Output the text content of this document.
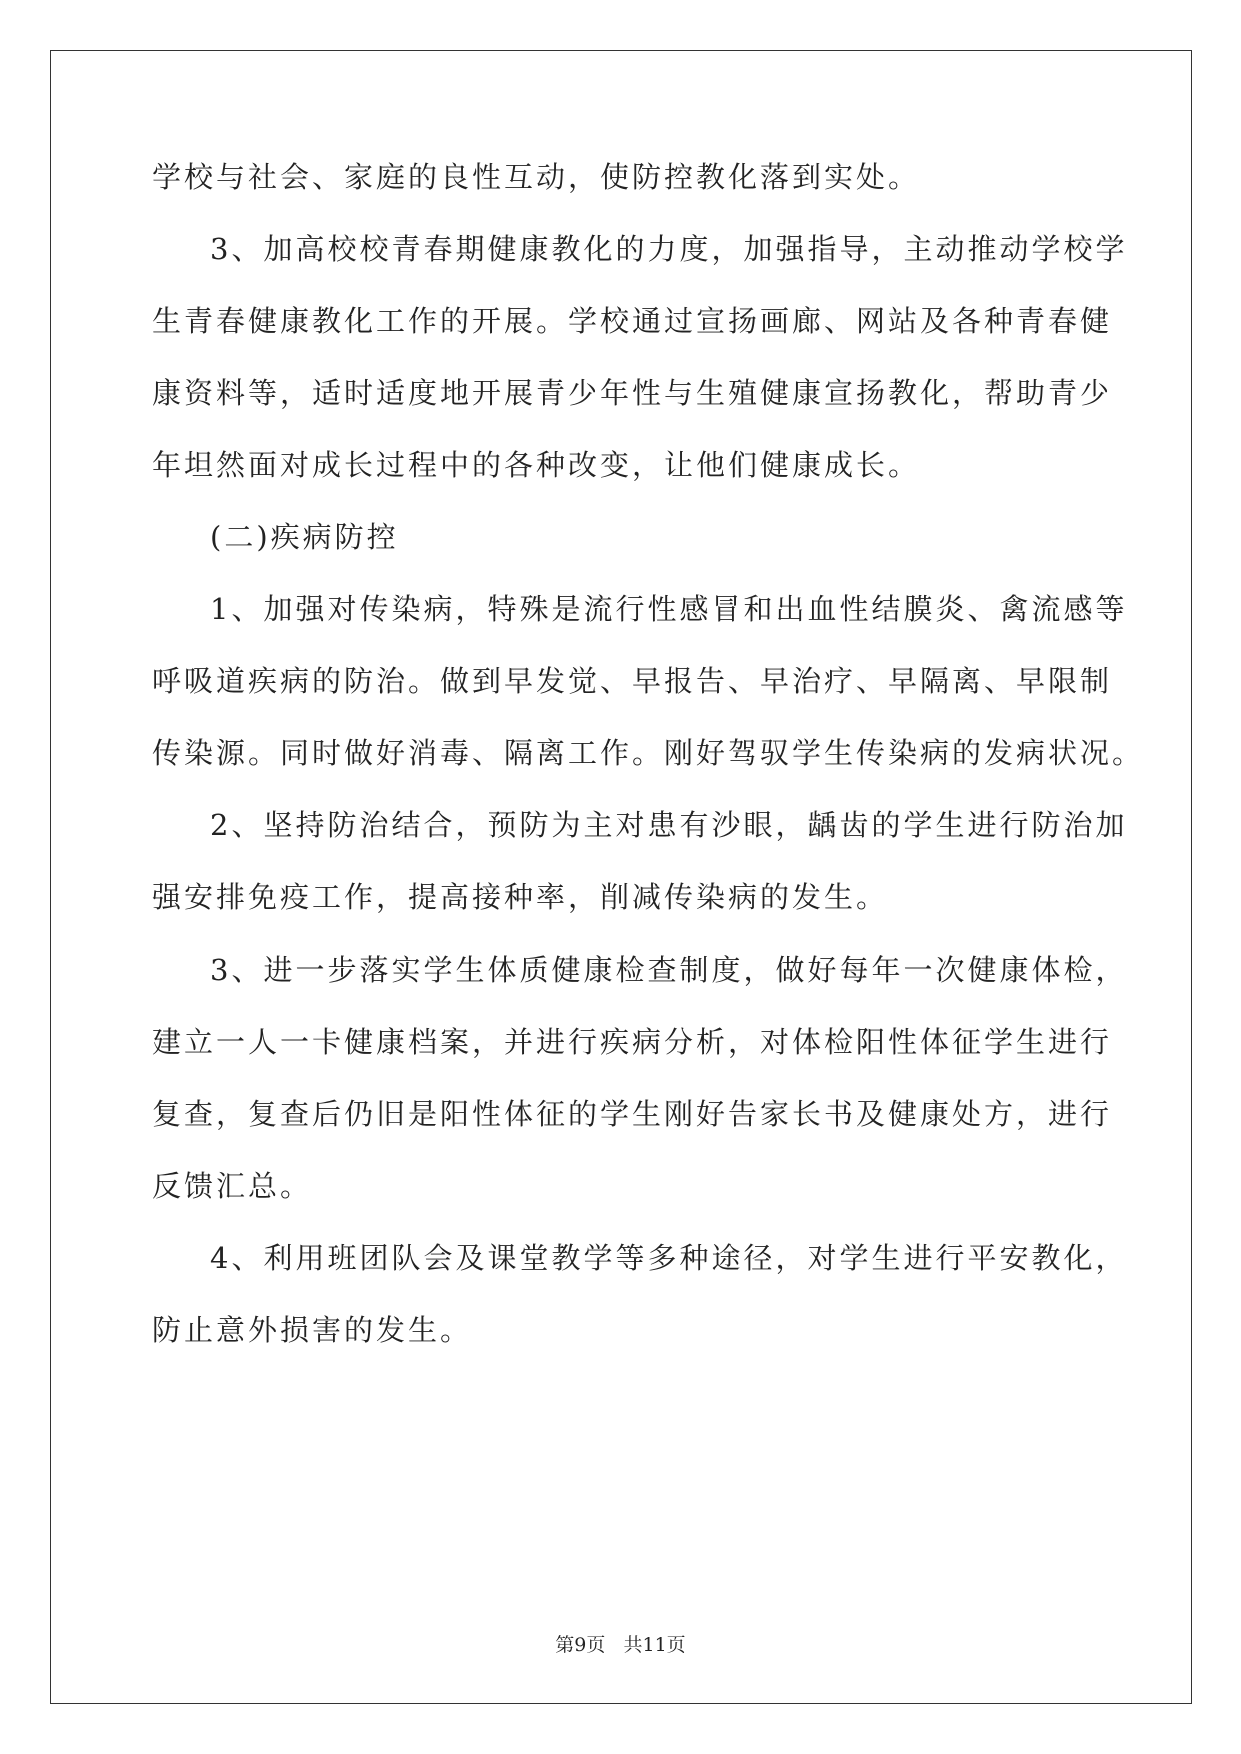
学校与社会、家庭的良性互动，使防控教化落到实处。
3、加高校校青春期健康教化的力度，加强指导，主动推动学校学
生青春健康教化工作的开展。学校通过宣扬画廊、网站及各种青春健
康资料等，适时适度地开展青少年性与生殖健康宣扬教化，帮助青少
年坦然面对成长过程中的各种改变，让他们健康成长。
(二)疾病防控
1、加强对传染病，特殊是流行性感冒和出血性结膜炎、禽流感等
呼吸道疾病的防治。做到早发觉、早报告、早治疗、早隔离、早限制
传染源。同时做好消毒、隔离工作。刚好驾驭学生传染病的发病状况。
2、坚持防治结合，预防为主对患有沙眼，龋齿的学生进行防治加
强安排免疫工作，提高接种率，削减传染病的发生。
3、进一步落实学生体质健康检查制度，做好每年一次健康体检，
建立一人一卡健康档案，并进行疾病分析，对体检阳性体征学生进行
复查，复查后仍旧是阳性体征的学生刚好告家长书及健康处方，进行
反馈汇总。
4、利用班团队会及课堂教学等多种途径，对学生进行平安教化，
防止意外损害的发生。
第9页   共11页
